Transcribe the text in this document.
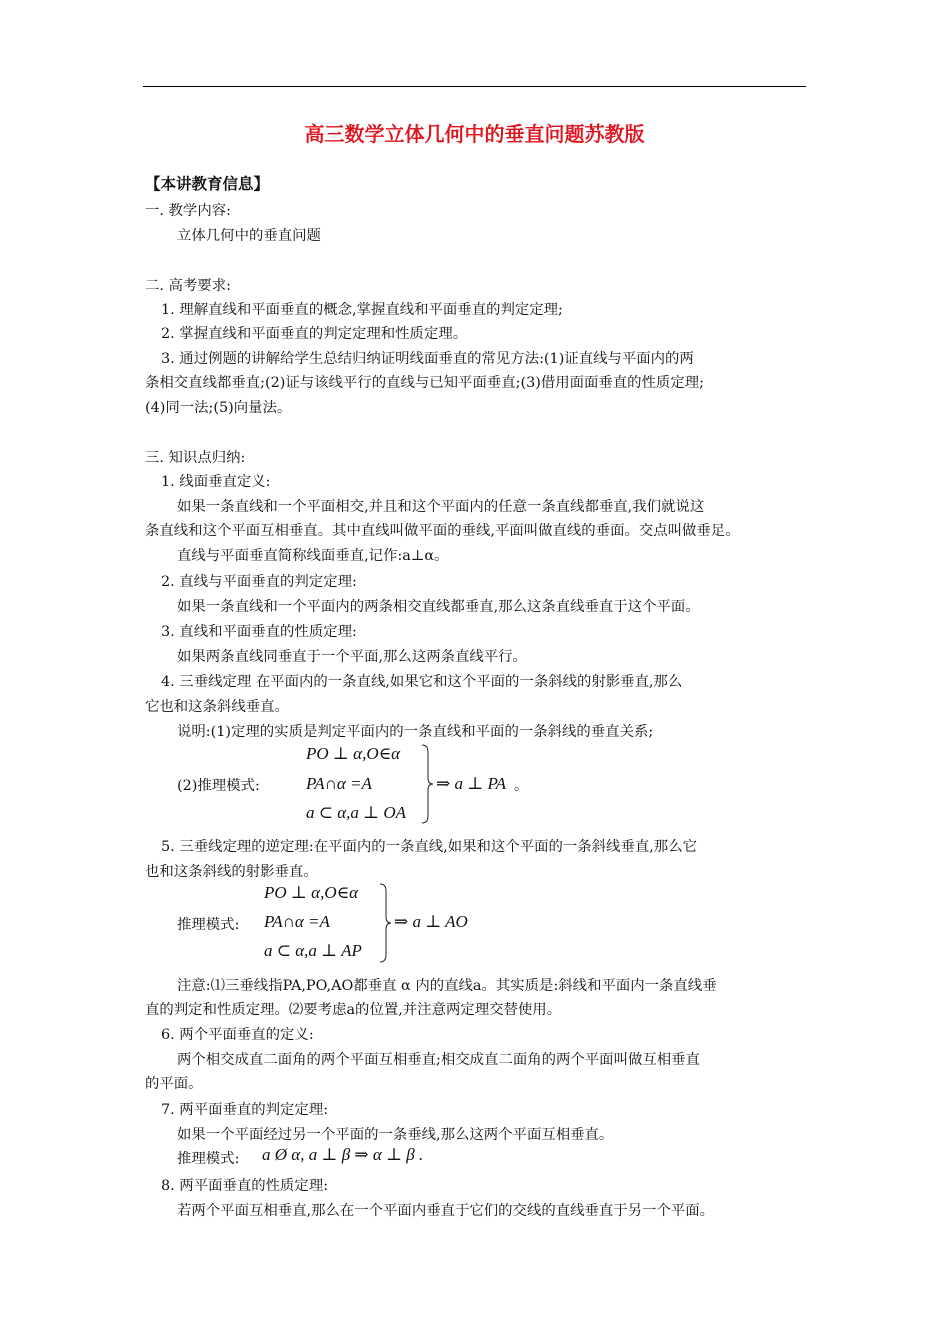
高三数学立体几何中的垂直问题苏教版
【本讲教育信息】
一. 教学内容:
立体几何中的垂直问题
二. 高考要求:
1. 理解直线和平面垂直的概念,掌握直线和平面垂直的判定定理;
2. 掌握直线和平面垂直的判定定理和性质定理。
3. 通过例题的讲解给学生总结归纳证明线面垂直的常见方法:(1)证直线与平面内的两
条相交直线都垂直;(2)证与该线平行的直线与已知平面垂直;(3)借用面面垂直的性质定理;
(4)同一法;(5)向量法。
三. 知识点归纳:
1. 线面垂直定义:
如果一条直线和一个平面相交,并且和这个平面内的任意一条直线都垂直,我们就说这
条直线和这个平面互相垂直。其中直线叫做平面的垂线,平面叫做直线的垂面。交点叫做垂足。
直线与平面垂直简称线面垂直,记作:a⊥α。
2. 直线与平面垂直的判定定理:
如果一条直线和一个平面内的两条相交直线都垂直,那么这条直线垂直于这个平面。
3. 直线和平面垂直的性质定理:
如果两条直线同垂直于一个平面,那么这两条直线平行。
4. 三垂线定理 在平面内的一条直线,如果它和这个平面的一条斜线的射影垂直,那么
它也和这条斜线垂直。
说明:(1)定理的实质是判定平面内的一条直线和平面的一条斜线的垂直关系;
PO ⊥ α,O∈α
(2)推理模式:	PA∩α =A
a ⊂ α,a ⊥ OA
⇒ a ⊥ PA 。
5. 三垂线定理的逆定理:在平面内的一条直线,如果和这个平面的一条斜线垂直,那么它
也和这条斜线的射影垂直。
PO ⊥ α,O∈α
推理模式: PA∩α =A
a ⊂ α,a ⊥ AP
⇒ a ⊥ AO
注意:⑴三垂线指PA,PO,AO都垂直 α 内的直线a。其实质是:斜线和平面内一条直线垂
直的判定和性质定理。⑵要考虑a的位置,并注意两定理交替使用。
6. 两个平面垂直的定义:
两个相交成直二面角的两个平面互相垂直;相交成直二面角的两个平面叫做互相垂直
的平面。
7. 两平面垂直的判定定理:
如果一个平面经过另一个平面的一条垂线,那么这两个平面互相垂直。
推理模式: a Ø α, a ⊥ β ⇒ α ⊥ β .
8. 两平面垂直的性质定理:
若两个平面互相垂直,那么在一个平面内垂直于它们的交线的直线垂直于另一个平面。
